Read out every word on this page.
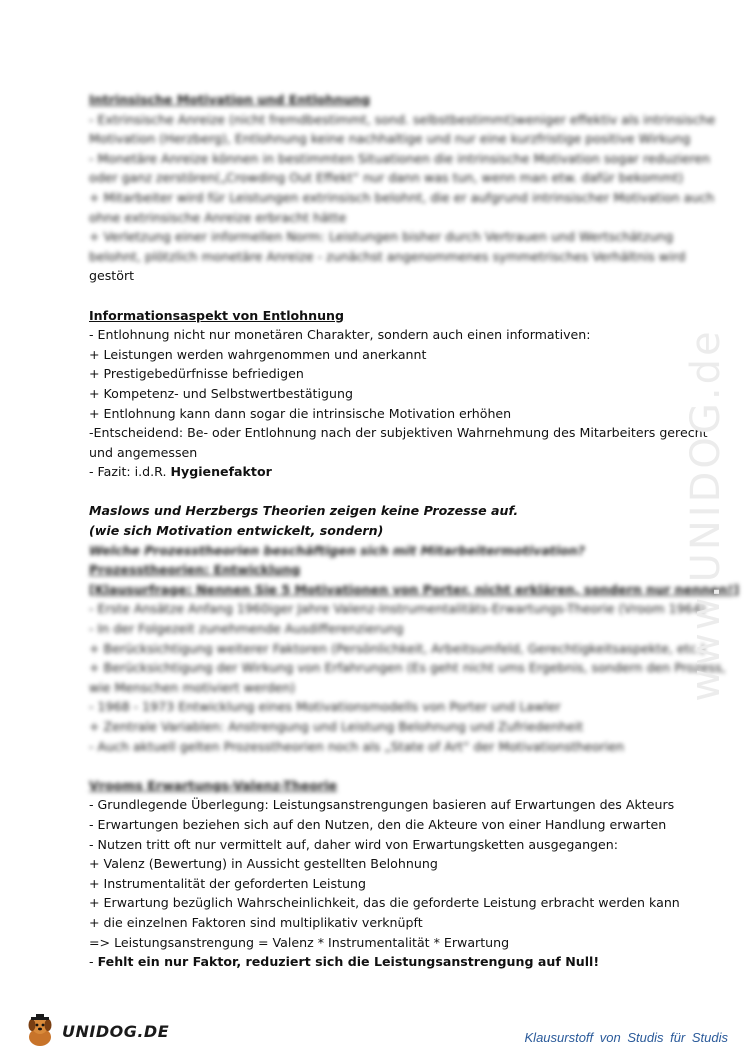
Intrinsische Motivation und Entlohnung
- Extrinsische Anreize (nicht fremdbestimmt, sond. selbstbestimmt)weniger effektiv als intrinsische
Motivation (Herzberg), Entlohnung keine nachhaltige und nur eine kurzfristige positive Wirkung
- Monetäre Anreize können in bestimmten Situationen die intrinsische Motivation sogar reduzieren
oder ganz zerstören(„Crowding Out Effekt“ nur dann was tun, wenn man etw. dafür bekommt)
+ Mitarbeiter wird für Leistungen extrinsisch belohnt, die er aufgrund intrinsischer Motivation auch
ohne extrinsische Anreize erbracht hätte
+ Verletzung einer informellen Norm: Leistungen bisher durch Vertrauen und Wertschätzung
belohnt, plötzlich monetäre Anreize - zunächst angenommenes symmetrisches Verhältnis wird
gestört
Informationsaspekt von Entlohnung
- Entlohnung nicht nur monetären Charakter, sondern auch einen informativen:
+ Leistungen werden wahrgenommen und anerkannt
+ Prestigebedürfnisse befriedigen
+ Kompetenz- und Selbstwertbestätigung
+ Entlohnung kann dann sogar die intrinsische Motivation erhöhen
-Entscheidend: Be- oder Entlohnung nach der subjektiven Wahrnehmung des Mitarbeiters gerecht
und angemessen
- Fazit: i.d.R. Hygienefaktor
Maslows und Herzbergs Theorien zeigen keine Prozesse auf.
(wie sich Motivation entwickelt, sondern)
Welche Prozesstheorien beschäftigen sich mit Mitarbeitermotivation?
Prozesstheorien: Entwicklung
[Klausurfrage: Nennen Sie 5 Motivationen von Porter, nicht erklären, sondern nur nennen!]
- Erste Ansätze Anfang 1960iger Jahre Valenz-Instrumentalitäts-Erwartungs-Theorie (Vroom 1964)
- In der Folgezeit zunehmende Ausdifferenzierung
+ Berücksichtigung weiterer Faktoren (Persönlichkeit, Arbeitsumfeld, Gerechtigkeitsaspekte, etc.)
+ Berücksichtigung der Wirkung von Erfahrungen (Es geht nicht ums Ergebnis, sondern den Prozess,
wie Menschen motiviert werden)
- 1968 - 1973 Entwicklung eines Motivationsmodells von Porter und Lawler
+ Zentrale Variablen: Anstrengung und Leistung Belohnung und Zufriedenheit
- Auch aktuell gelten Prozesstheorien noch als „State of Art“ der Motivationstheorien
Vrooms Erwartungs-Valenz-Theorie
- Grundlegende Überlegung: Leistungsanstrengungen basieren auf Erwartungen des Akteurs
- Erwartungen beziehen sich auf den Nutzen, den die Akteure von einer Handlung erwarten
- Nutzen tritt oft nur vermittelt auf, daher wird von Erwartungsketten ausgegangen:
+ Valenz (Bewertung) in Aussicht gestellten Belohnung
+ Instrumentalität der geforderten Leistung
+ Erwartung bezüglich Wahrscheinlichkeit, das die geforderte Leistung erbracht werden kann
+ die einzelnen Faktoren sind multiplikativ verknüpft
=> Leistungsanstrengung = Valenz * Instrumentalität * Erwartung
- Fehlt ein nur Faktor, reduziert sich die Leistungsanstrengung auf Null!
www.UNIDOG.de
UNIDOG.DE	Klausurstoff von Studis für Studis
